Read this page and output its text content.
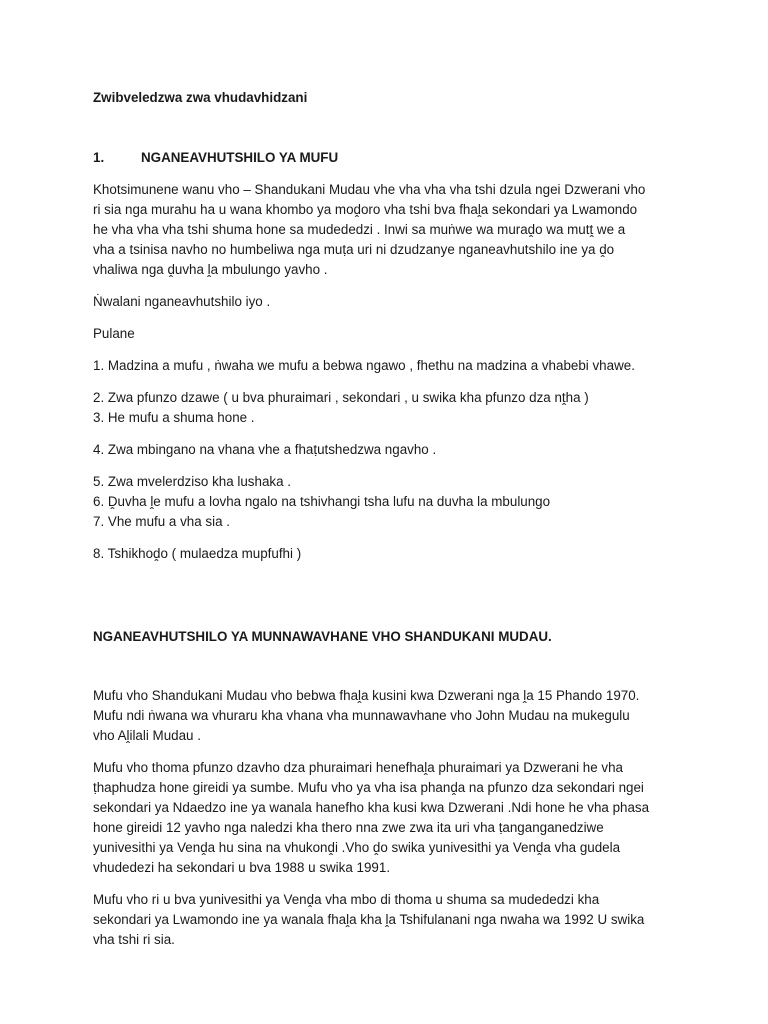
Zwibveledzwa zwa vhudavhidzani

1.	NGANEAVHUTSHILO YA MUFU

Khotsimunene wanu vho – Shandukani Mudau vhe vha vha vha tshi dzula ngei Dzwerani vho
ri sia nga murahu ha u wana khombo ya moḓoro vha tshi bva fhaḽa sekondari ya Lwamondo
he vha vha vha tshi shuma hone sa mudededzi . Inwi sa muṅwe wa muraḓo wa mutṱ we a
vha a tsinisa navho no humbeliwa nga muṭa uri ni dzudzanye nganeavhutshilo ine ya ḓo
vhaliwa nga ḓuvha ḽa mbulungo yavho .

Ṅwalani nganeavhutshilo iyo .

Pulane

1. Madzina a mufu , ṅwaha we mufu a bebwa ngawo , fhethu na madzina a vhabebi vhawe.

2. Zwa pfunzo dzawe ( u bva phuraimari , sekondari , u swika kha pfunzo dza nṱha )
3. He mufu a shuma hone .

4. Zwa mbingano na vhana vhe a fhaṭutshedzwa ngavho .

5. Zwa mvelerdziso kha lushaka .
6. Ḓuvha ḽe mufu a lovha ngalo na tshivhangi tsha lufu na duvha la mbulungo
7. Vhe mufu a vha sia .

8. Tshikhoḓo ( mulaedza mupfufhi )

NGANEAVHUTSHILO YA MUNNAWAVHANE VHO SHANDUKANI MUDAU.

Mufu vho Shandukani Mudau vho bebwa fhaḽa kusini kwa Dzwerani nga ḽa 15 Phando 1970.
Mufu ndi ṅwana wa vhuraru kha vhana vha munnawavhane vho John Mudau na mukegulu
vho Aḽilali Mudau .

Mufu vho thoma pfunzo dzavho dza phuraimari henefhaḽa phuraimari ya Dzwerani he vha
ṭhaphudza hone gireidi ya sumbe. Mufu vho ya vha isa phanḓa na pfunzo dza sekondari ngei
sekondari ya Ndaedzo ine ya wanala hanefho kha kusi kwa Dzwerani .Ndi hone he vha phasa
hone gireidi 12 yavho nga naledzi kha thero nna zwe zwa ita uri vha ṭanganganedziwe
yunivesithi ya Venḓa hu sina na vhukonḓi .Vho ḓo swika yunivesithi ya Venḓa vha gudela
vhudedezi ha sekondari u bva 1988 u swika 1991.

Mufu vho ri u bva yunivesithi ya Venḓa vha mbo di thoma u shuma sa mudededzi kha
sekondari ya Lwamondo ine ya wanala fhaḽa kha ḽa Tshifulanani nga nwaha wa 1992 U swika
vha tshi ri sia.
